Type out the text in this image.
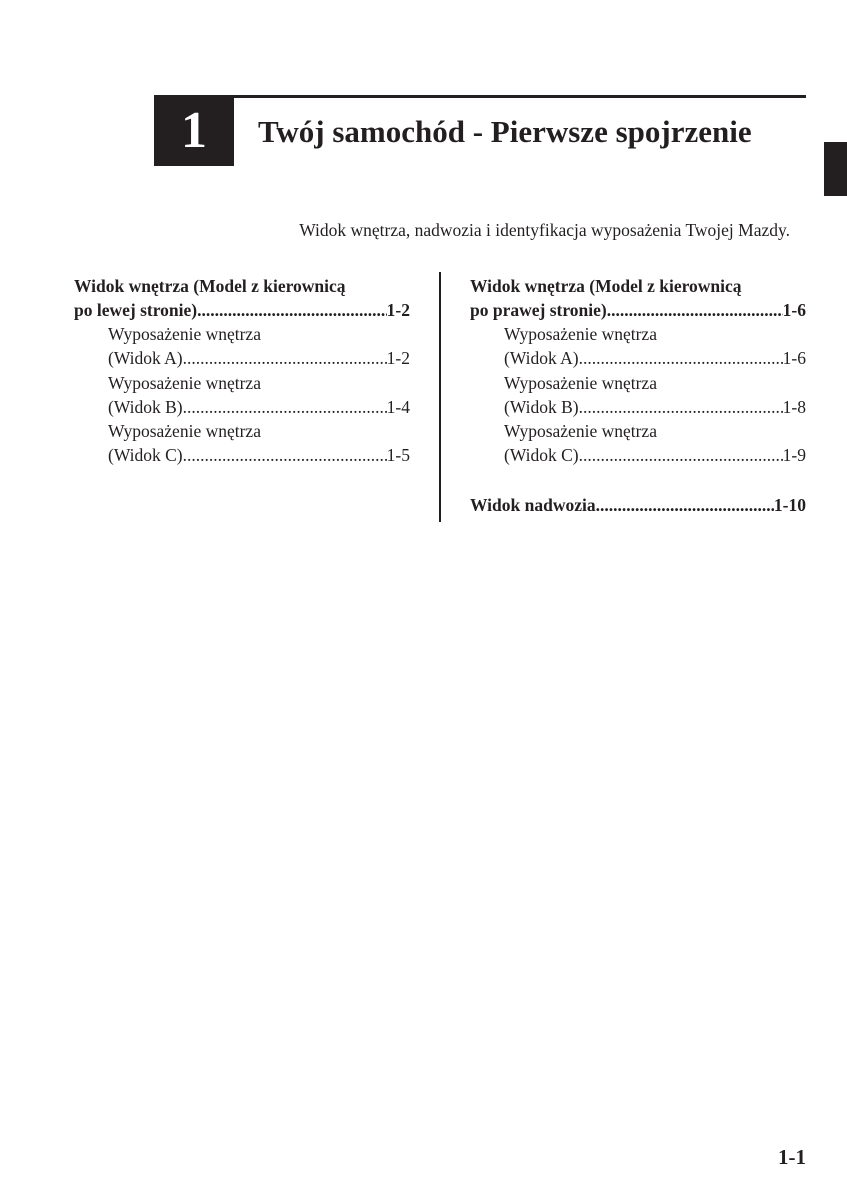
1 Twój samochód - Pierwsze spojrzenie
Widok wnętrza, nadwozia i identyfikacja wyposażenia Twojej Mazdy.
Widok wnętrza (Model z kierownicą
po lewej stronie) .....	1-2
Wyposażenie wnętrza
(Widok A) .....	1-2
Wyposażenie wnętrza
(Widok B) .....	1-4
Wyposażenie wnętrza
(Widok C) .....	1-5
Widok wnętrza (Model z kierownicą
po prawej stronie) .....	1-6
Wyposażenie wnętrza
(Widok A) .....	1-6
Wyposażenie wnętrza
(Widok B) .....	1-8
Wyposażenie wnętrza
(Widok C) .....	1-9
Widok nadwozia .....	1-10
1-1
